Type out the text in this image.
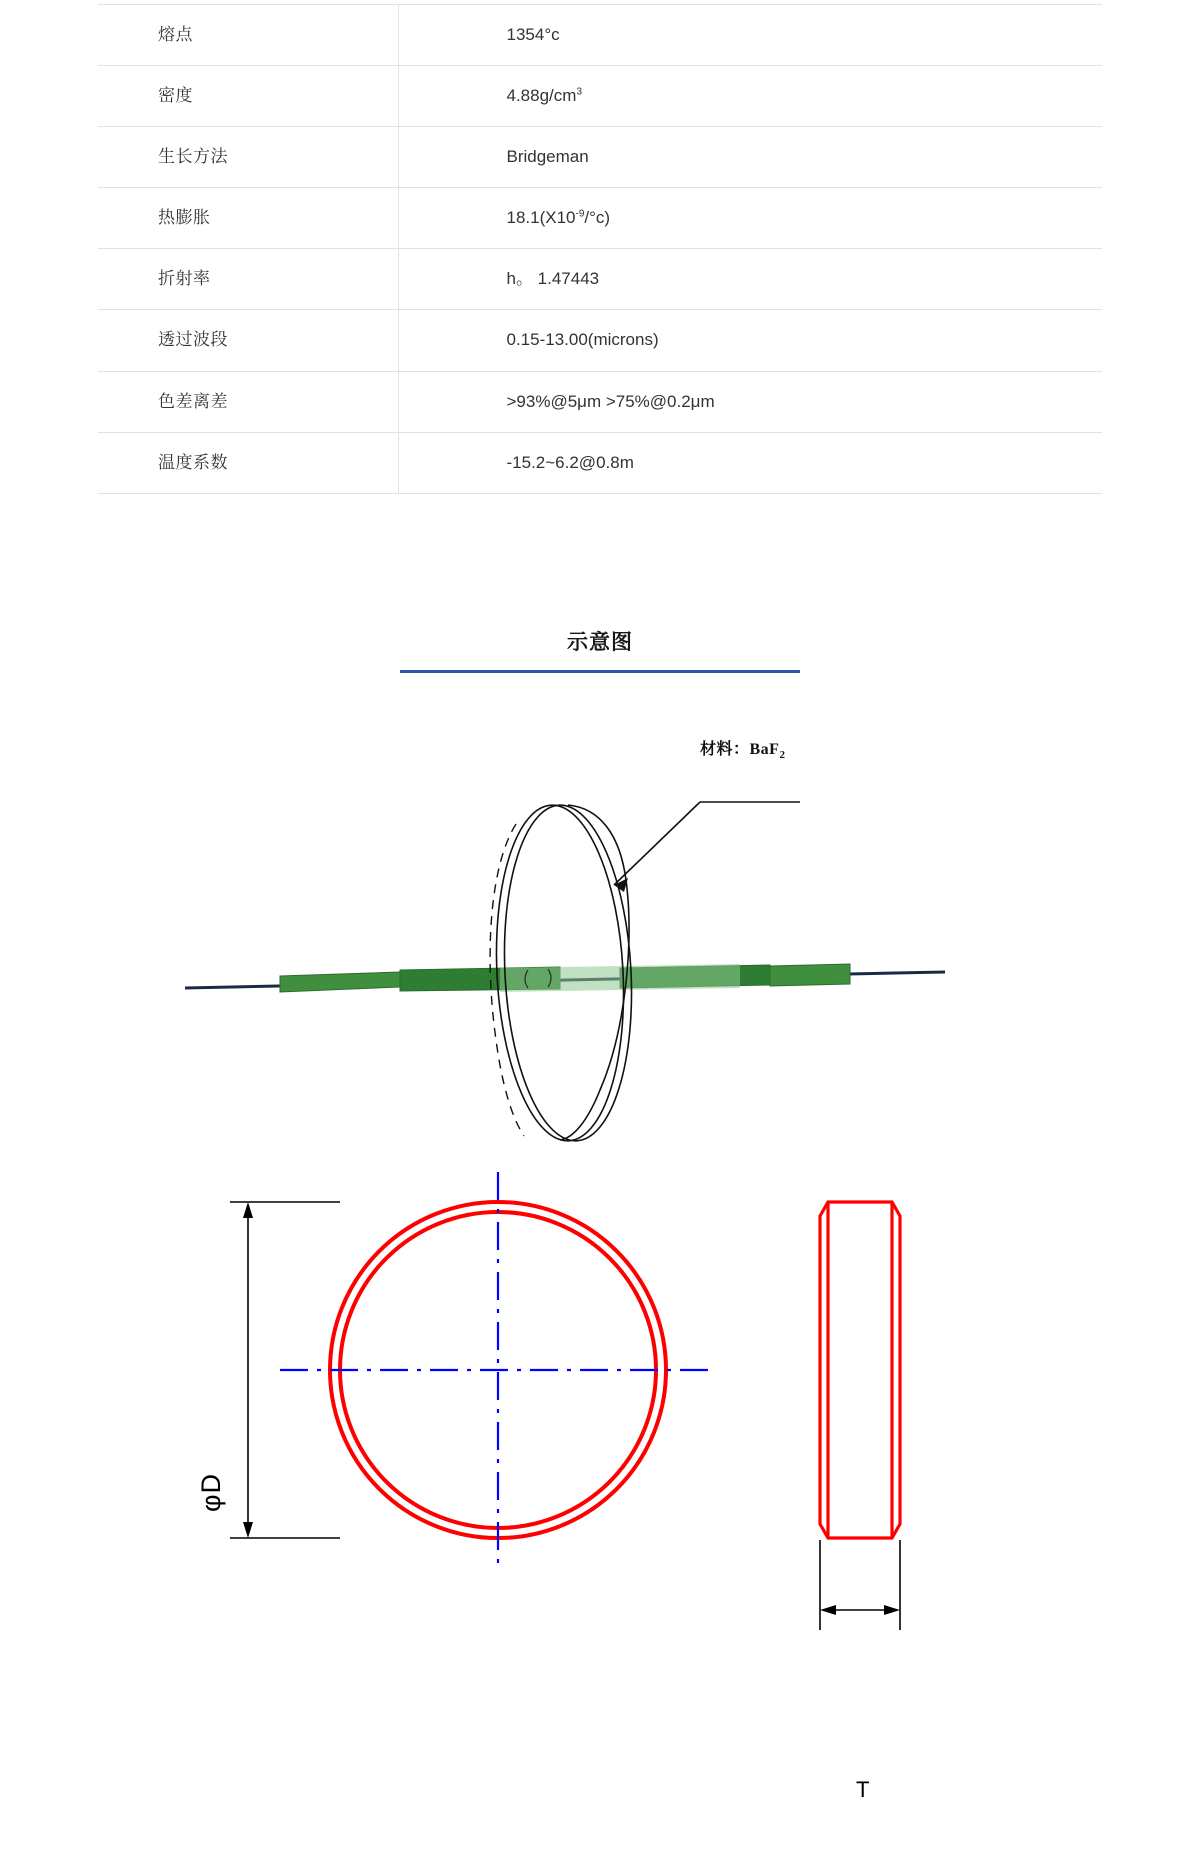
熔点	1354°c
密度	$4.88g/cm^3$
生长方法	Bridgeman
热膨胀	$18.1(X10^{-9}/^\circ c)$
折射率	h。 1.47443
透过波段	0.15-13.00(microns)
色差离差	>93%@5μm >75%@0.2μm
温度系数	-15.2~6.2@0.8m
示意图
材料：BaF$_2$
φD
T
